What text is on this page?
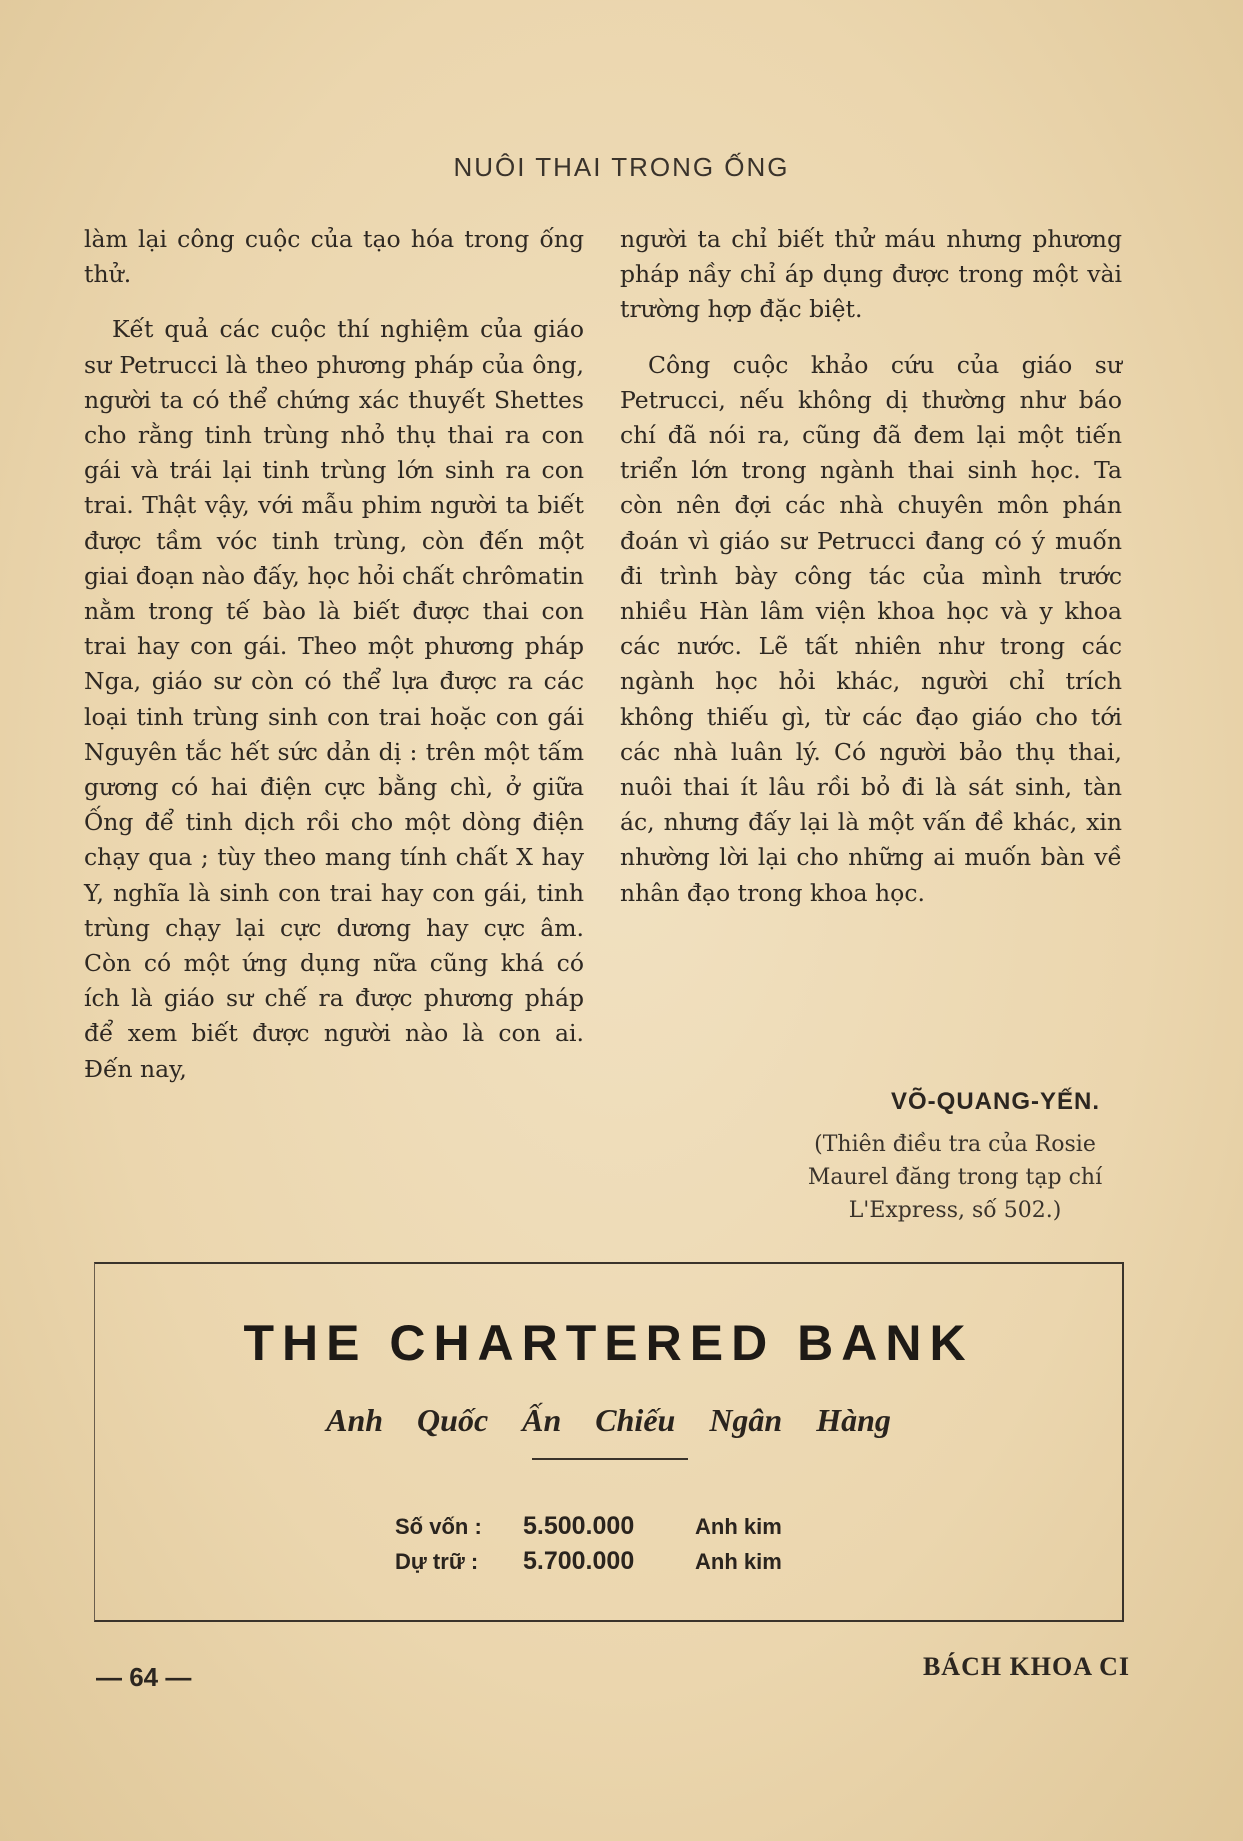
NUÔI THAI TRONG ỐNG

làm lại công cuộc của tạo hóa trong ống thử.

Kết quả các cuộc thí nghiệm của giáo sư Petrucci là theo phương pháp của ông, người ta có thể chứng xác thuyết Shettes cho rằng tinh trùng nhỏ thụ thai ra con gái và trái lại tinh trùng lớn sinh ra con trai. Thật vậy, với mẫu phim người ta biết được tầm vóc tinh trùng, còn đến một giai đoạn nào đấy, học hỏi chất chrômatin nằm trong tế bào là biết được thai con trai hay con gái. Theo một phương pháp Nga, giáo sư còn có thể lựa được ra các loại tinh trùng sinh con trai hoặc con gái Nguyên tắc hết sức dản dị : trên một tấm gương có hai điện cực bằng chì, ở giữa Ống để tinh dịch rồi cho một dòng điện chạy qua ; tùy theo mang tính chất X hay Y, nghĩa là sinh con trai hay con gái, tinh trùng chạy lại cực dương hay cực âm. Còn có một ứng dụng nữa cũng khá có ích là giáo sư chế ra được phương pháp để xem biết được người nào là con ai. Đến nay,

người ta chỉ biết thử máu nhưng phương pháp nầy chỉ áp dụng được trong một vài trường hợp đặc biệt.

Công cuộc khảo cứu của giáo sư Petrucci, nếu không dị thường như báo chí đã nói ra, cũng đã đem lại một tiến triển lớn trong ngành thai sinh học. Ta còn nên đợi các nhà chuyên môn phán đoán vì giáo sư Petrucci đang có ý muốn đi trình bày công tác của mình trước nhiều Hàn lâm viện khoa học và y khoa các nước. Lẽ tất nhiên như trong các ngành học hỏi khác, người chỉ trích không thiếu gì, từ các đạo giáo cho tới các nhà luân lý. Có người bảo thụ thai, nuôi thai ít lâu rồi bỏ đi là sát sinh, tàn ác, nhưng đấy lại là một vấn đề khác, xin nhường lời lại cho những ai muốn bàn về nhân đạo trong khoa học.

VÕ-QUANG-YẾN.
(Thiên điều tra của Rosie Maurel đăng trong tạp chí L'Express, số 502.)
THE CHARTERED BANK
Anh Quốc Ấn Chiếu Ngân Hàng
Số vốn : 5.500.000	Anh kim
Dự trữ : 5.700.000	Anh kim
— 64 —	BÁCH KHOA CI
